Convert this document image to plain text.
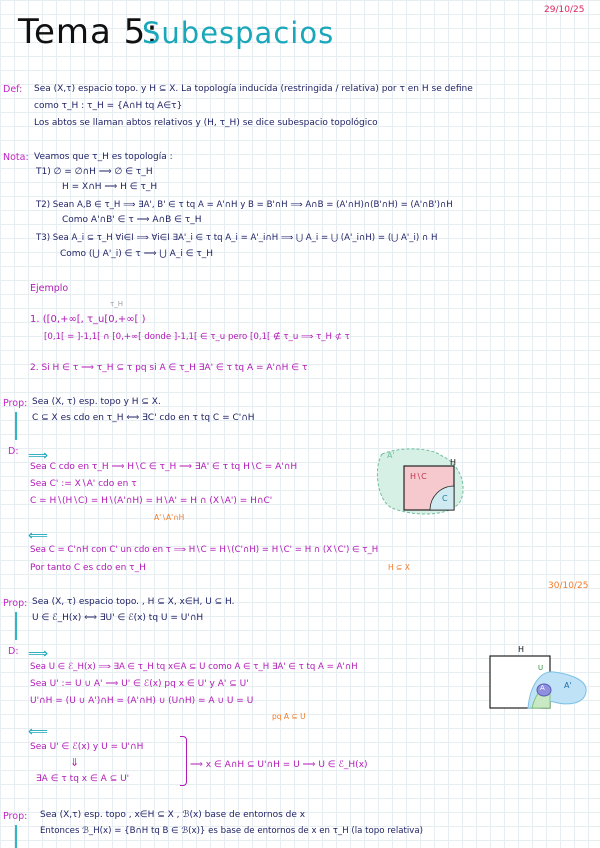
Tema 5:
Subespacios
29/10/25
Def: Sea (X,τ) espacio topo. y H ⊆ X. La topología inducida (restringida / relativa) por τ en H se define
como τ_H : τ_H = {A∩H tq A∈τ}
Los abtos se llaman abtos relativos y (H, τ_H) se dice subespacio topológico
Nota: Veamos que τ_H es topología :
T1) ∅ = ∅∩H ⟹ ∅ ∈ τ_H
H = X∩H ⟹ H ∈ τ_H
T2) Sean A,B ∈ τ_H ⟹ ∃A', B' ∈ τ tq A = A'∩H y B = B'∩H ⟹ A∩B = (A'∩H)∩(B'∩H) = (A'∩B')∩H
Como A'∩B' ∈ τ ⟹ A∩B ∈ τ_H
T3) Sea A_i ⊆ τ_H ∀i∈I ⟹ ∀i∈I ∃A'_i ∈ τ tq A_i = A'_i∩H ⟹ ⋃ A_i = ⋃ (A'_i∩H) = (⋃ A'_i) ∩ H
Como (⋃ A'_i) ∈ τ ⟹ ⋃ A_i ∈ τ_H
Ejemplo
τ_H
1. ([0,+∞[, τ_u[0,+∞[ )
[0,1[ = ]-1,1[ ∩ [0,+∞[ donde ]-1,1[ ∈ τ_u pero [0,1[ ∉ τ_u ⟹ τ_H ⊄ τ
2. Si H ∈ τ ⟹ τ_H ⊆ τ pq si A ∈ τ_H ∃A' ∈ τ tq A = A'∩H ∈ τ
Prop: Sea (X, τ) esp. topo y H ⊆ X.
C ⊆ X es cdo en τ_H ⟺ ∃C' cdo en τ tq C = C'∩H
D: ⟹
Sea C cdo en τ_H ⟹ H∖C ∈ τ_H ⟹ ∃A' ∈ τ tq H∖C = A'∩H
Sea C' := X∖A' cdo en τ
C = H∖(H∖C) = H∖(A'∩H) = H∖A' = H ∩ (X∖A') = H∩C'
A'∖A'∩H
⟸
Sea C = C'∩H con C' un cdo en τ ⟹ H∖C = H∖(C'∩H) = H∖C' = H ∩ (X∖C') ∈ τ_H
H ⊆ X
Por tanto C es cdo en τ_H
A'
H
H∖C
C
30/10/25
Prop: Sea (X, τ) espacio topo. , H ⊆ X, x∈H, U ⊆ H.
U ∈ ℰ_H(x) ⟺ ∃U' ∈ ℰ(x) tq U = U'∩H
D: ⟹
Sea U ∈ ℰ_H(x) ⟹ ∃A ∈ τ_H tq x∈A ⊆ U como A ∈ τ_H ∃A' ∈ τ tq A = A'∩H
Sea U' := U ∪ A' ⟹ U' ∈ ℰ(x) pq x ∈ U' y A' ⊆ U'
U'∩H = (U ∪ A')∩H = (A'∩H) ∪ (U∩H) = A ∪ U = U
pq A ⊆ U
⟸
Sea U' ∈ ℰ(x) y U = U'∩H
⇓
∃A ∈ τ tq x ∈ A ⊆ U'
⟹ x ∈ A∩H ⊆ U'∩H = U ⟹ U ∈ ℰ_H(x)
H
U
A A'
Prop: Sea (X,τ) esp. topo , x∈H ⊆ X , ℬ(x) base de entornos de x
Entonces ℬ_H(x) = {B∩H tq B ∈ ℬ(x)} es base de entornos de x en τ_H (la topo relativa)
